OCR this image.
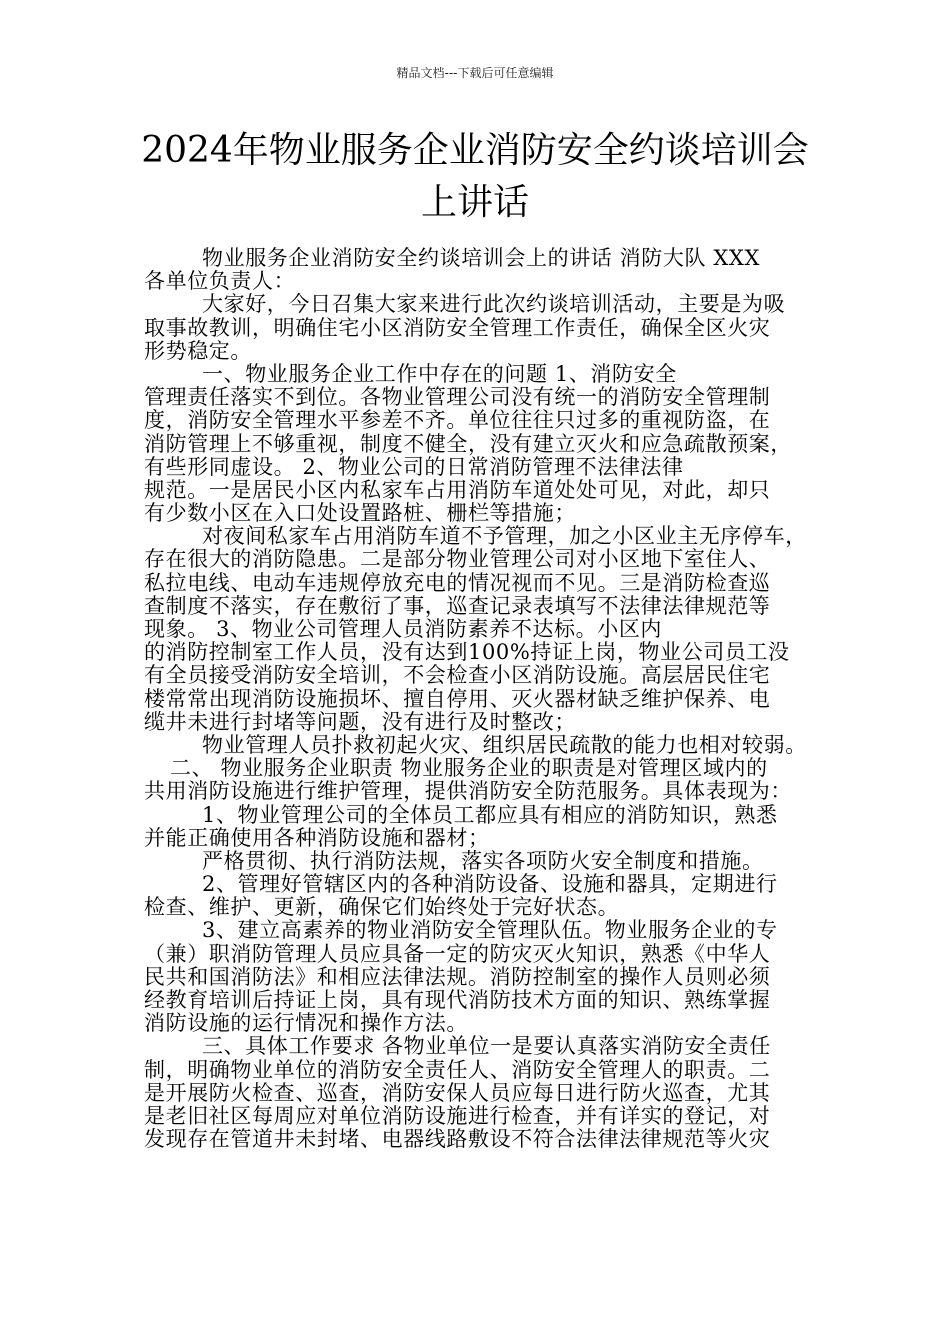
精品文档---下载后可任意编辑
2024年物业服务企业消防安全约谈培训会
上讲话
物业服务企业消防安全约谈培训会上的讲话 消防大队 XXX
各单位负责人：
大家好，今日召集大家来进行此次约谈培训活动，主要是为吸
取事故教训，明确住宅小区消防安全管理工作责任，确保全区火灾
形势稳定。
一、物业服务企业工作中存在的问题 1、消防安全
管理责任落实不到位。各物业管理公司没有统一的消防安全管理制
度，消防安全管理水平参差不齐。单位往往只过多的重视防盗，在
消防管理上不够重视，制度不健全，没有建立灭火和应急疏散预案，
有些形同虚设。 2、物业公司的日常消防管理不法律法律
规范。一是居民小区内私家车占用消防车道处处可见，对此，却只
有少数小区在入口处设置路桩、栅栏等措施；
对夜间私家车占用消防车道不予管理，加之小区业主无序停车，
存在很大的消防隐患。二是部分物业管理公司对小区地下室住人、
私拉电线、电动车违规停放充电的情况视而不见。三是消防检查巡
查制度不落实，存在敷衍了事，巡查记录表填写不法律法律规范等
现象。 3、物业公司管理人员消防素养不达标。小区内
的消防控制室工作人员，没有达到100%持证上岗，物业公司员工没
有全员接受消防安全培训，不会检查小区消防设施。高层居民住宅
楼常常出现消防设施损坏、擅自停用、灭火器材缺乏维护保养、电
缆井未进行封堵等问题，没有进行及时整改；
物业管理人员扑救初起火灾、组织居民疏散的能力也相对较弱。
二、 物业服务企业职责 物业服务企业的职责是对管理区域内的
共用消防设施进行维护管理，提供消防安全防范服务。具体表现为：
1、物业管理公司的全体员工都应具有相应的消防知识，熟悉
并能正确使用各种消防设施和器材；
严格贯彻、执行消防法规，落实各项防火安全制度和措施。
2、管理好管辖区内的各种消防设备、设施和器具，定期进行
检查、维护、更新，确保它们始终处于完好状态。
3、建立高素养的物业消防安全管理队伍。物业服务企业的专
（兼）职消防管理人员应具备一定的防灾灭火知识，熟悉《中华人
民共和国消防法》和相应法律法规。消防控制室的操作人员则必须
经教育培训后持证上岗，具有现代消防技术方面的知识、熟练掌握
消防设施的运行情况和操作方法。
三、具体工作要求 各物业单位一是要认真落实消防安全责任
制，明确物业单位的消防安全责任人、消防安全管理人的职责。二
是开展防火检查、巡查，消防安保人员应每日进行防火巡查，尤其
是老旧社区每周应对单位消防设施进行检查，并有详实的登记，对
发现存在管道井未封堵、电器线路敷设不符合法律法律规范等火灾
